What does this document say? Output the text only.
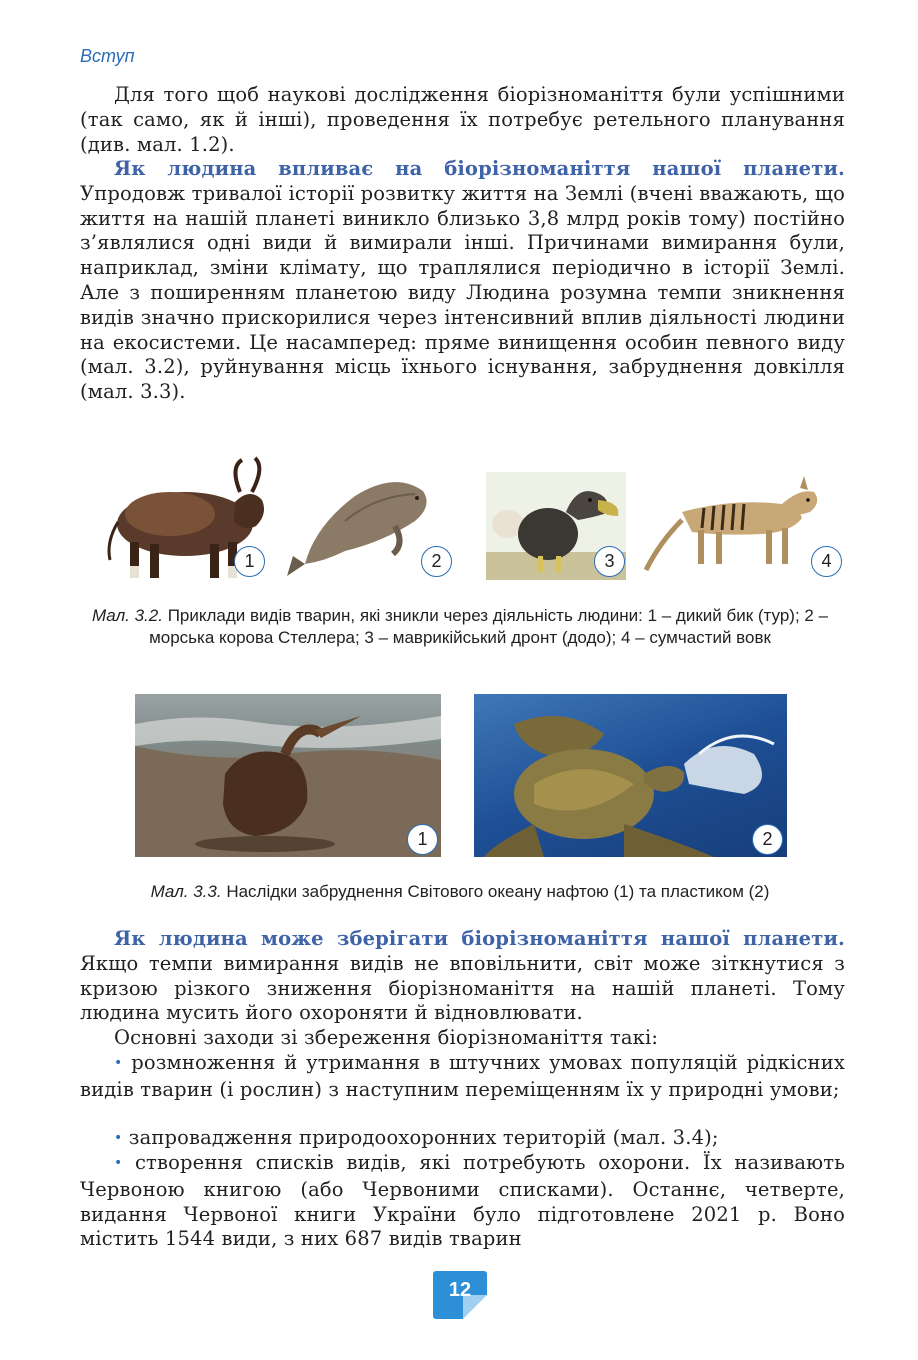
Вступ

Для того щоб наукові дослідження біорізноманіття були успішними (так само, як й інші), проведення їх потребує ретельного планування (див. мал. 1.2).

Як людина впливає на біорізноманіття нашої планети. Упродовж тривалої історії розвитку життя на Землі (вчені вважають, що життя на нашій планеті виникло близько 3,8 млрд років тому) постійно з’являлися одні види й вимирали інші. Причинами вимирання були, наприклад, зміни клімату, що траплялися періодично в історії Землі. Але з поширенням планетою виду Людина розумна темпи зникнення видів значно прискорилися через інтенсивний вплив діяльності людини на екосистеми. Це насамперед: пряме винищення особин певного виду (мал. 3.2), руйнування місць їхнього існування, забруднення довкілля (мал. 3.3).

1	2	3	4
Мал. 3.2. Приклади видів тварин, які зникли через діяльність людини: 1 – дикий бик (тур); 2 – морська корова Стеллера; 3 – маврикійський дронт (додо); 4 – сумчастий вовк
1	2
Мал. 3.3. Наслідки забруднення Світового океану нафтою (1) та пластиком (2)

Як людина може зберігати біорізноманіття нашої планети. Якщо темпи вимирання видів не вповільнити, світ може зіткнутися з кризою різкого зниження біорізноманіття на нашій планеті. Тому людина мусить його охороняти й відновлювати.

Основні заходи зі збереження біорізноманіття такі:

• розмноження й утримання в штучних умовах популяцій рідкісних видів тварин (і рослин) з наступним переміщенням їх у природні умови;

• запровадження природоохоронних територій (мал. 3.4);

• створення списків видів, які потребують охорони. Їх називають Червоною книгою (або Червоними списками). Останнє, четверте, видання Червоної книги України було підготовлене 2021 р. Воно містить 1544 види, з них 687 видів тварин

12
